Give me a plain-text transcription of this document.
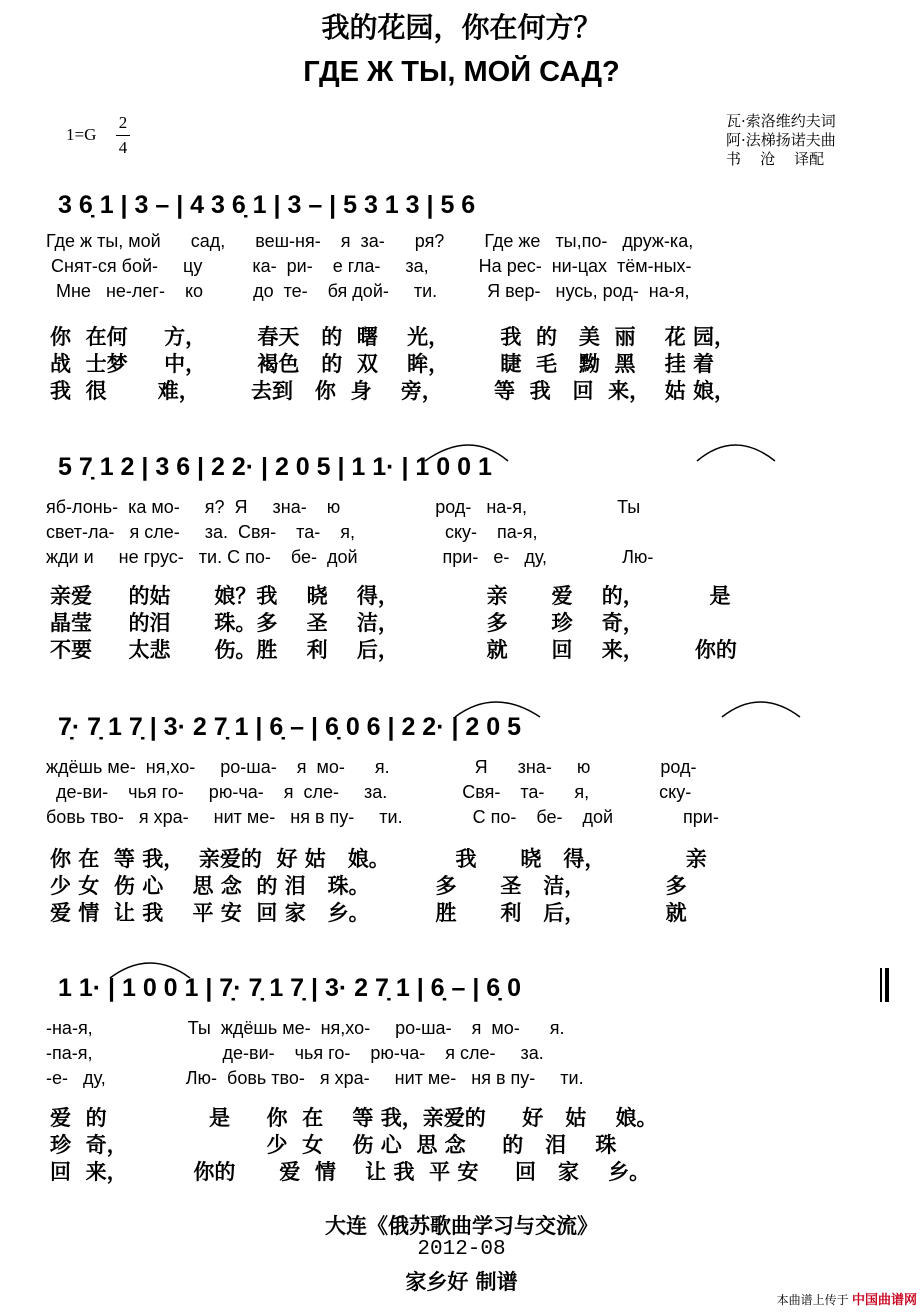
我的花园，你在何方？
ГДЕ Ж ТЫ, МОЙ САД?
1=G
2
4
瓦·索洛维约夫词
阿·法梯扬诺夫曲
书    沧    译配
3 6̣ 1 | 3 – | 4 3 6̣ 1 | 3 – | 5 3 1 3 | 5 6
Где ж ты, мой      сад,      веш-ня-    я  за-      ря?        Где же   ты,по-   друж-ка,
Снят-ся бой-     цу          ка-  ри-    е гла-     за,          На рес-  ни-цах  тём-ных-
Мне   не-лег-    ко          до  те-    бя дой-     ти.          Я вер-   нусь, род-  на-я,
你  在何     方，       春天   的  曙    光，       我  的   美  丽    花 园，
战  士梦     中，       褐色   的  双    眸，       睫  毛   黝  黑    挂 着
我  很       难，       去到   你  身    旁，       等  我   回  来，  姑 娘，
5 7̣ 1 2 | 3 6 | 2 2· | 2 0 5 | 1 1· | 1 0 0 1
яб-лонь-  ка мо-     я?  Я     зна-    ю                   род-   на-я,                  Ты
свет-ла-   я сле-     за.  Свя-    та-    я,                  ску-    па-я,
жди и     не грус-   ти. С по-    бе-  дой                 при-   е-   ду,               Лю-
亲爱     的姑      娘？我    晓    得，            亲      爱    的，         是
晶莹     的泪      珠。多    圣    洁，            多      珍    奇，
不要     太悲      伤。胜    利    后，            就      回    来，       你的
7̣· 7̣ 1 7̣ | 3· 2 7̣ 1 | 6̣ – | 6̣ 0 6 | 2 2· | 2 0 5
ждёшь ме-  ня,хо-     ро-ша-    я  мо-      я.                 Я      зна-     ю              род-
де-ви-    чья го-     рю-ча-    я  сле-     за.               Свя-    та-      я,              ску-
бовь тво-   я хра-     нит ме-   ня в пу-     ти.              С по-    бе-    дой              при-
你 在  等 我，  亲爱的  好 姑   娘。         我      晓   得，           亲
少 女  伤 心    思 念  的 泪   珠。         多      圣   洁，           多
爱 情  让 我    平 安  回 家   乡。         胜      利   后，           就
1 1· | 1 0 0 1 | 7̣· 7̣ 1 7̣ | 3· 2 7̣ 1 | 6̣ – | 6̣ 0
-на-я,                   Ты  ждёшь ме-  ня,хо-     ро-ша-    я  мо-      я.
-па-я,                          де-ви-    чья го-    рю-ча-    я сле-     за.
-е-   ду,                Лю-  бовь тво-   я хра-     нит ме-   ня в пу-     ти.
爱  的              是     你  在    等 我，亲爱的     好   姑    娘。
珍  奇，                   少  女    伤 心  思 念     的   泪    珠
回  来，         你的      爱  情    让 我  平 安     回   家    乡。
大连《俄苏歌曲学习与交流》
2012-08
家乡好 制谱
本曲谱上传于 中国曲谱网
